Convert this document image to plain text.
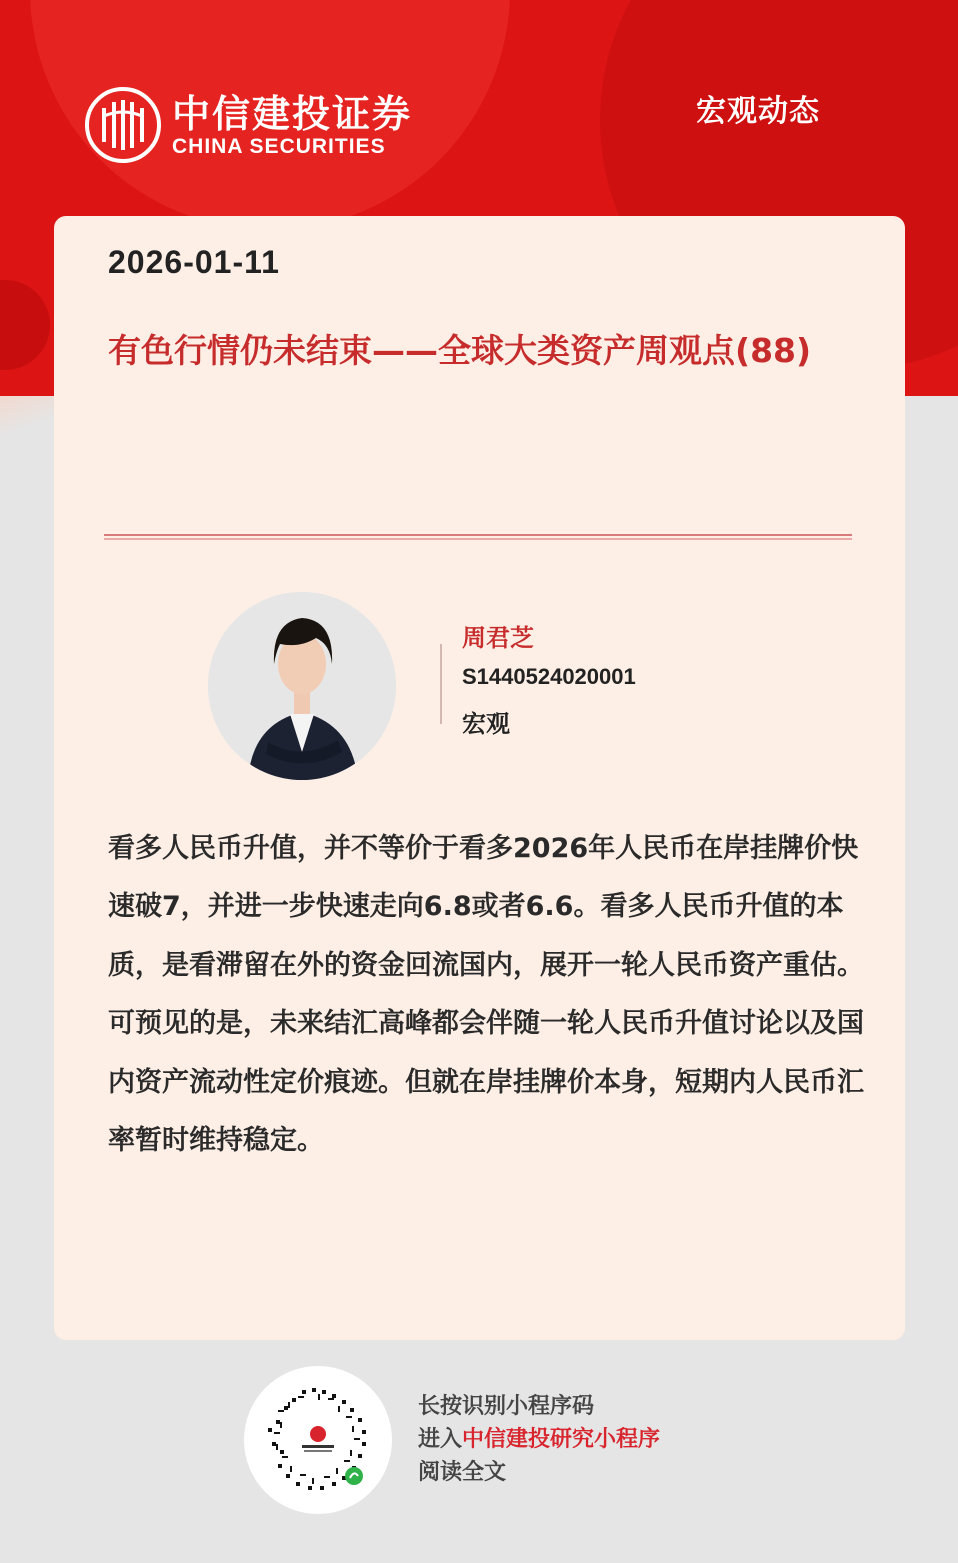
中信建投证券
CHINA SECURITIES
宏观动态
2026-01-11
有色行情仍未结束——全球大类资产周观点(88)
周君芝
S1440524020001
宏观
看多人民币升值，并不等价于看多2026年人民币在岸挂牌价快速破7，并进一步快速走向6.8或者6.6。看多人民币升值的本质，是看滞留在外的资金回流国内，展开一轮人民币资产重估。可预见的是，未来结汇高峰都会伴随一轮人民币升值讨论以及国内资产流动性定价痕迹。但就在岸挂牌价本身，短期内人民币汇率暂时维持稳定。
长按识别小程序码
进入中信建投研究小程序
阅读全文
